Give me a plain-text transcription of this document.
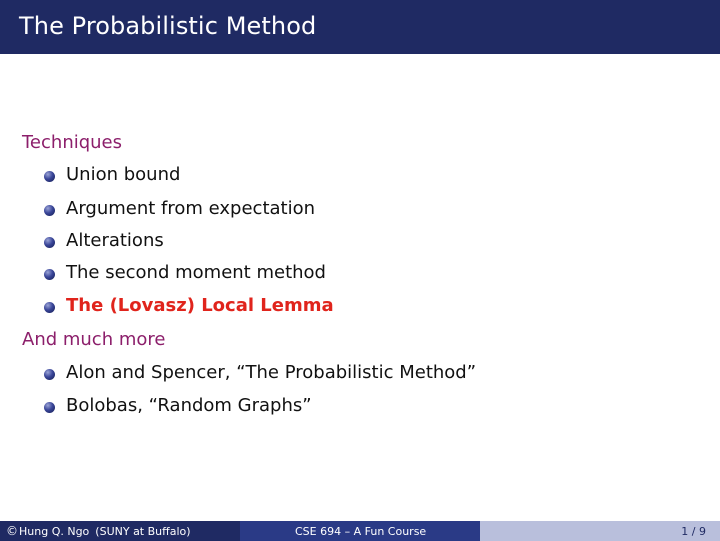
The Probabilistic Method
Techniques
Union bound
Argument from expectation
Alterations
The second moment method
The (Lovasz) Local Lemma
And much more
Alon and Spencer, “The Probabilistic Method”
Bolobas, “Random Graphs”
© Hung Q. Ngo (SUNY at Buffalo)	CSE 694 – A Fun Course	1 / 9
